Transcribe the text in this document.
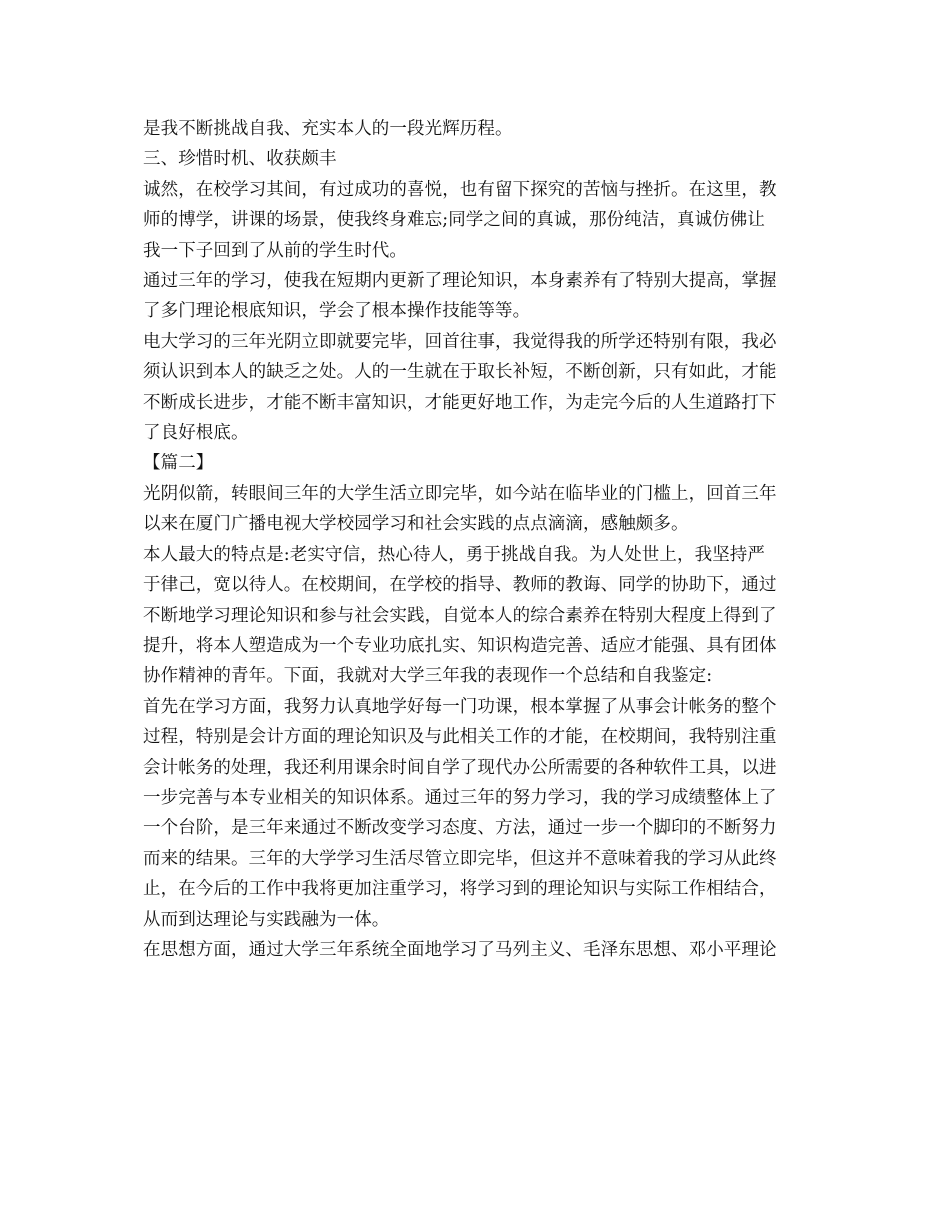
是我不断挑战自我、充实本人的一段光辉历程。

三、珍惜时机、收获颇丰

诚然，在校学习其间，有过成功的喜悦，也有留下探究的苦恼与挫折。在这里，教
师的博学，讲课的场景，使我终身难忘;同学之间的真诚，那份纯洁，真诚仿佛让
我一下子回到了从前的学生时代。

通过三年的学习，使我在短期内更新了理论知识，本身素养有了特别大提高，掌握
了多门理论根底知识，学会了根本操作技能等等。

电大学习的三年光阴立即就要完毕，回首往事，我觉得我的所学还特别有限，我必
须认识到本人的缺乏之处。人的一生就在于取长补短，不断创新，只有如此，才能
不断成长进步，才能不断丰富知识，才能更好地工作，为走完今后的人生道路打下
了良好根底。

【篇二】

光阴似箭，转眼间三年的大学生活立即完毕，如今站在临毕业的门槛上，回首三年
以来在厦门广播电视大学校园学习和社会实践的点点滴滴，感触颇多。

本人最大的特点是:老实守信，热心待人，勇于挑战自我。为人处世上，我坚持严
于律己，宽以待人。在校期间，在学校的指导、教师的教诲、同学的协助下，通过
不断地学习理论知识和参与社会实践，自觉本人的综合素养在特别大程度上得到了
提升，将本人塑造成为一个专业功底扎实、知识构造完善、适应才能强、具有团体
协作精神的青年。下面，我就对大学三年我的表现作一个总结和自我鉴定:

首先在学习方面，我努力认真地学好每一门功课，根本掌握了从事会计帐务的整个
过程，特别是会计方面的理论知识及与此相关工作的才能，在校期间，我特别注重
会计帐务的处理，我还利用课余时间自学了现代办公所需要的各种软件工具，以进
一步完善与本专业相关的知识体系。通过三年的努力学习，我的学习成绩整体上了
一个台阶，是三年来通过不断改变学习态度、方法，通过一步一个脚印的不断努力
而来的结果。三年的大学学习生活尽管立即完毕，但这并不意味着我的学习从此终
止，在今后的工作中我将更加注重学习，将学习到的理论知识与实际工作相结合，
从而到达理论与实践融为一体。

在思想方面，通过大学三年系统全面地学习了马列主义、毛泽东思想、邓小平理论
